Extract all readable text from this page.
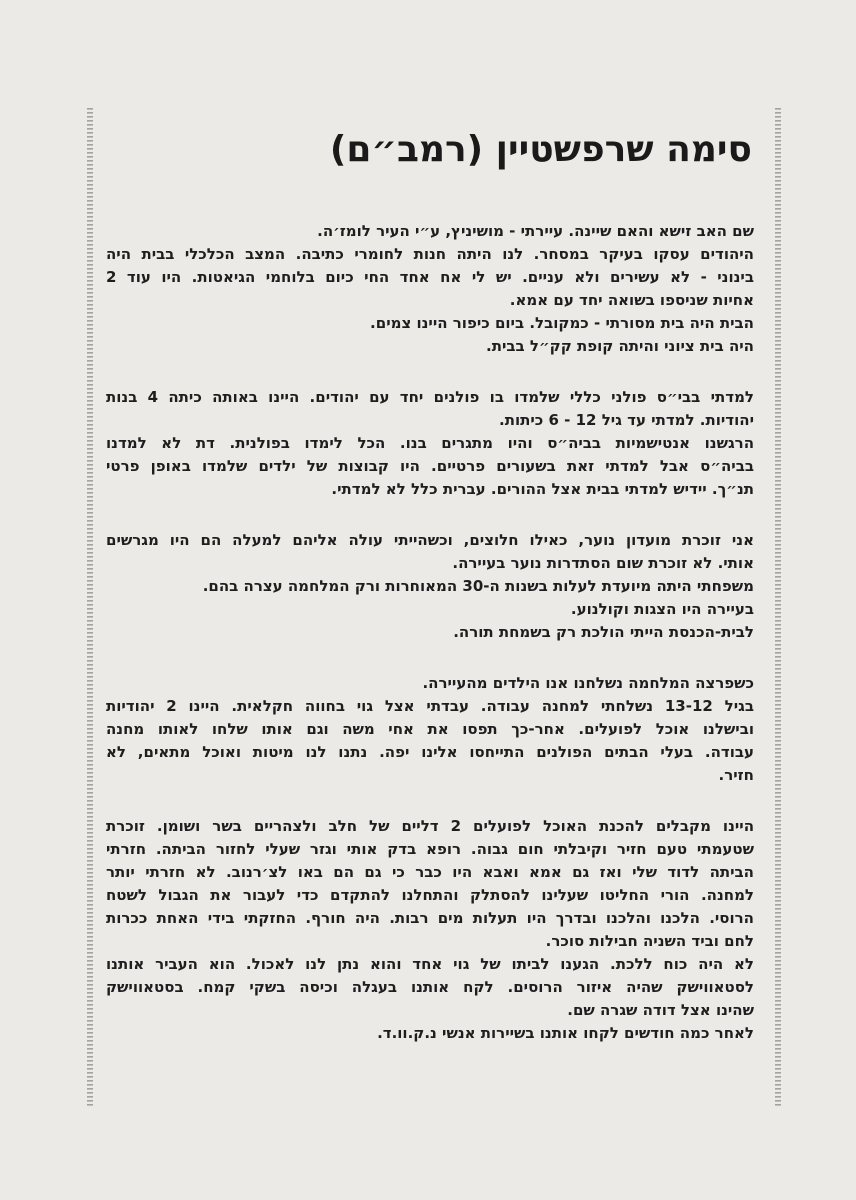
סימה שרפשטיין (רמב״ם)
שם האב זישא והאם שיינה. עיירתי - מושיניץ, ע״י העיר לומז׳ה.
היהודים עסקו בעיקר במסחר. לנו היתה חנות לחומרי כתיבה. המצב הכלכלי בבית היה
בינוני - לא עשירים ולא עניים. יש לי אח אחד החי כיום בלוחמי הגיאטות. היו עוד 2
אחיות שניספו בשואה יחד עם אמא.
הבית היה בית מסורתי - כמקובל. ביום כיפור היינו צמים.
היה בית ציוני והיתה קופת קק״ל בבית.
למדתי בבי״ס פולני כללי שלמדו בו פולנים יחד עם יהודים. היינו באותה כיתה 4 בנות
יהודיות. למדתי עד גיל 12 - 6 כיתות.
הרגשנו אנטישמיות בביה״ס והיו מתגרים בנו. הכל לימדו בפולנית. דת לא למדנו
בביה״ס אבל למדתי זאת בשעורים פרטיים. היו קבוצות של ילדים שלמדו באופן פרטי
תנ״ך. יידיש למדתי בבית אצל ההורים. עברית כלל לא למדתי.
אני זוכרת מועדון נוער, כאילו חלוצים, וכשהייתי עולה אליהם למעלה הם היו מגרשים
אותי. לא זוכרת שום הסתדרות נוער בעיירה.
משפחתי היתה מיועדת לעלות בשנות ה-30 המאוחרות ורק המלחמה עצרה בהם.
בעיירה היו הצגות וקולנוע.
לבית-הכנסת הייתי הולכת רק בשמחת תורה.
כשפרצה המלחמה נשלחנו אנו הילדים מהעיירה.
בגיל 13-12 נשלחתי למחנה עבודה. עבדתי אצל גוי בחווה חקלאית. היינו 2 יהודיות
ובישלנו אוכל לפועלים. אחר-כך תפסו את אחי משה וגם אותו שלחו לאותו מחנה
עבודה. בעלי הבתים הפולנים התייחסו אלינו יפה. נתנו לנו מיטות ואוכל מתאים, לא
חזיר.
היינו מקבלים להכנת האוכל לפועלים 2 דליים של חלב ולצהריים בשר ושומן. זוכרת
שטעמתי טעם חזיר וקיבלתי חום גבוה. רופא בדק אותי וגזר שעלי לחזור הביתה. חזרתי
הביתה לדוד שלי ואז גם אמא ואבא היו כבר כי גם הם באו לצ׳רנוב. לא חזרתי יותר
למחנה. הורי החליטו שעלינו להסתלק והתחלנו להתקדם כדי לעבור את הגבול לשטח
הרוסי. הלכנו והלכנו ובדרך היו תעלות מים רבות. היה חורף. החזקתי בידי האחת ככרות
לחם וביד השניה חבילות סוכר.
לא היה כוח ללכת. הגענו לביתו של גוי אחד והוא נתן לנו לאכול. הוא העביר אותנו
לסטאווישק שהיה איזור הרוסים. לקח אותנו בעגלה וכיסה בשקי קמח. בסטאווישק
שהינו אצל דודה שגרה שם.
לאחר כמה חודשים לקחו אותנו בשיירות אנשי נ.ק.וו.ד.
